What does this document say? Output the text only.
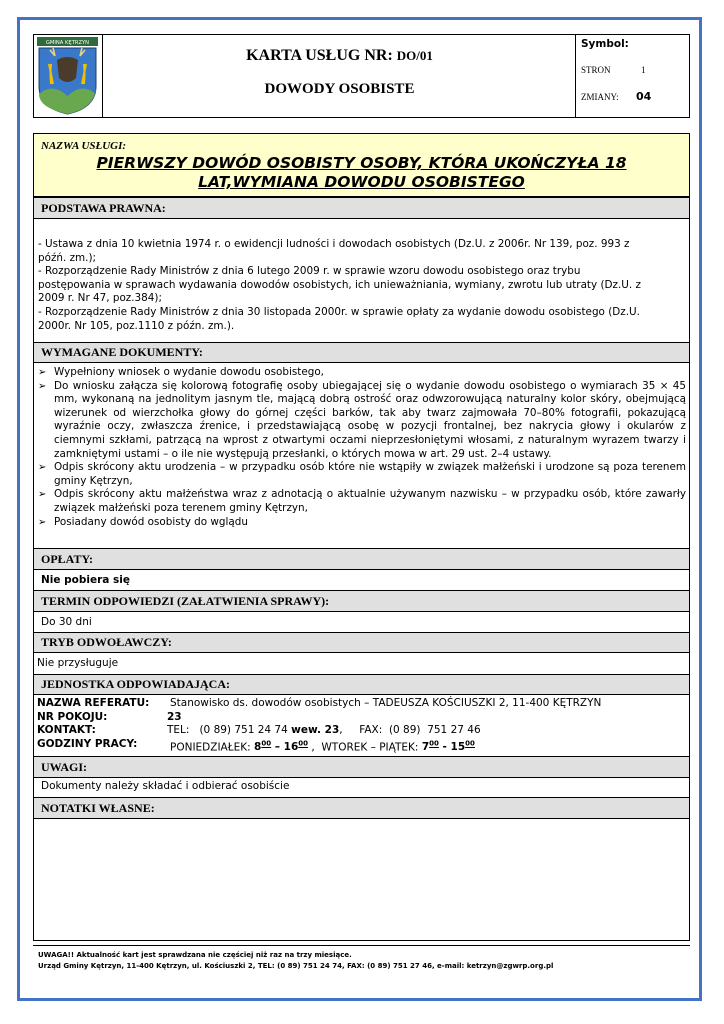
GMINA KĘTRZYN
KARTA USŁUG NR: DO/01
DOWODY OSOBISTE
Symbol:
STRON	1
ZMIANY: 04
NAZWA USŁUGI:
PIERWSZY DOWÓD OSOBISTY OSOBY, KTÓRA UKOŃCZYŁA 18
LAT,WYMIANA DOWODU OSOBISTEGO
PODSTAWA PRAWNA:
- Ustawa z dnia 10 kwietnia 1974 r. o ewidencji ludności i dowodach osobistych (Dz.U. z 2006r. Nr 139, poz. 993 z
późń. zm.);
- Rozporządzenie Rady Ministrów z dnia 6 lutego 2009 r. w sprawie wzoru dowodu osobistego oraz trybu
postępowania w sprawach wydawania dowodów osobistych, ich unieważniania, wymiany, zwrotu lub utraty (Dz.U. z
2009 r. Nr 47, poz.384);
- Rozporządzenie Rady Ministrów z dnia 30 listopada 2000r. w sprawie opłaty za wydanie dowodu osobistego (Dz.U.
2000r. Nr 105, poz.1110 z późn. zm.).
WYMAGANE DOKUMENTY:
➢ Wypełniony wniosek o wydanie dowodu osobistego,
➢ Do wniosku załącza się kolorową fotografię osoby ubiegającej się o wydanie dowodu osobistego o wymiarach 35 × 45 mm, wykonaną na jednolitym jasnym tle, mającą dobrą ostrość oraz odwzorowującą naturalny kolor skóry, obejmującą wizerunek od wierzchołka głowy do górnej części barków, tak aby twarz zajmowała 70–80% fotografii, pokazującą wyraźnie oczy, zwłaszcza źrenice, i przedstawiającą osobę w pozycji frontalnej, bez nakrycia głowy i okularów z ciemnymi szkłami, patrzącą na wprost z otwartymi oczami nieprzesłoniętymi włosami, z naturalnym wyrazem twarzy i zamkniętymi ustami – o ile nie występują przesłanki, o których mowa w art. 29 ust. 2–4 ustawy.
➢ Odpis skrócony aktu urodzenia – w przypadku osób które nie wstąpiły w związek małżeński i urodzone są poza terenem gminy Kętrzyn,
➢ Odpis skrócony aktu małżeństwa wraz z adnotacją o aktualnie używanym nazwisku – w przypadku osób, które zawarły związek małżeński poza terenem gminy Kętrzyn,
➢ Posiadany dowód osobisty do wglądu
OPŁATY:
Nie pobiera się
TERMIN ODPOWIEDZI (ZAŁATWIENIA SPRAWY):
Do 30 dni
TRYB ODWOŁAWCZY:
Nie przysługuje
JEDNOSTKA ODPOWIADAJĄCA:
NAZWA REFERATU: Stanowisko ds. dowodów osobistych – TADEUSZA KOŚCIUSZKI 2, 11-400 KĘTRZYN
NR POKOJU:	23
KONTAKT:	TEL:   (0 89) 751 24 74 wew. 23,     FAX:  (0 89)  751 27 46
GODZINY PRACY:	PONIEDZIAŁEK: $8^{00} - 16^{00}$ ,  WTOREK – PIĄTEK: $7^{00} - 15^{00}$
UWAGI:
Dokumenty należy składać i odbierać osobiście
NOTATKI WŁASNE:
UWAGA!! Aktualność kart jest sprawdzana nie częściej niż raz na trzy miesiące.
Urząd Gminy Kętrzyn, 11-400 Kętrzyn, ul. Kościuszki 2, TEL: (0 89) 751 24 74, FAX: (0 89) 751 27 46, e-mail: ketrzyn@zgwrp.org.pl
